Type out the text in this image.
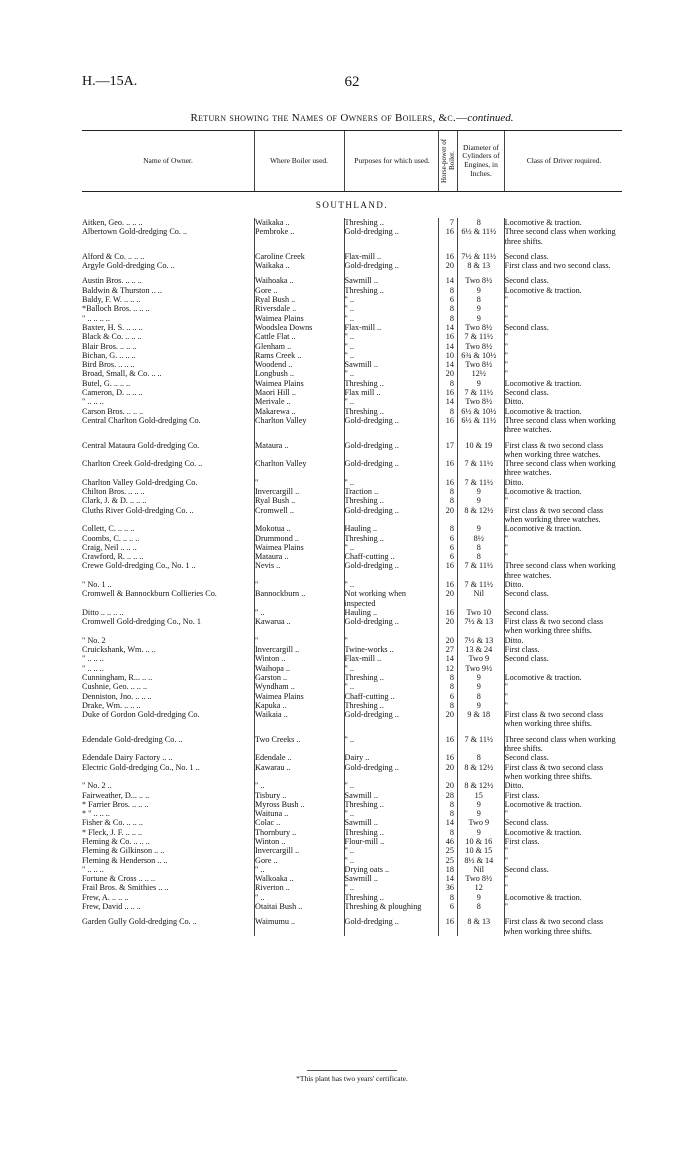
H.—15A.	62
Return showing the Names of Owners of Boilers, &c.—continued.
Name of Owner.	Where Boiler used.	Purposes for which used.	Horse-power of Boiler.
Diameter of Cylinders of Engines, in Inches.
Class of Driver required.
SOUTHLAND.
Aitken, Geo. .. .. ..	Waikaka ..	Threshing ..	7	8	Locomotive & traction.
Albertown Gold-dredging Co. ..	Pembroke ..	Gold-dredging ..	16 6½ & 11½	Three second class when working three shifts.
Alford & Co. .. .. ..	Caroline Creek	Flax-mill ..	16 7½ & 11½	Second class.
Argyle Gold-dredging Co. ..	Waikaka ..	Gold-dredging ..	20	8 & 13	First class and two second class.
Austin Bros. .. .. ..	Waihoaka ..	Sawmill ..	14	Two 8½	Second class.
Baldwin & Thurston .. ..	Gore ..	Threshing ..	8	9	Locomotive & traction.
Baldy, F. W. .. .. ..	Ryal Bush ..	" ..	6	8	"
*Balloch Bros. .. .. ..	Riversdale ..	" ..	8	9	"
" .. .. .. ..	Waimea Plains	" ..	8	9	"
Baxter, H. S. .. .. ..	Woodslea Downs	Flax-mill ..	14	Two 8½	Second class.
Black & Co. .. .. ..	Cattle Flat ..	" ..	16	7 & 11½	"
Blair Bros. .. .. ..	Glenham ..	" ..	14	Two 8½	"
Bichan, G. .. .. ..	Rams Creek ..	" ..	10 6¾ & 10½	"
Bird Bros. .. .. ..	Woodend ..	Sawmill ..	14	Two 8½	"
Broad, Small, & Co. .. ..	Longbush ..	" ..	20	12½	"
Butel, G. .. .. ..	Waimea Plains	Threshing ..	8	9	Locomotive & traction.
Cameron, D. .. .. ..	Maori Hill ..	Flax mill ..	16	7 & 11½	Second class.
" .. .. ..	Merivale ..	" ..	14	Two 8½	Ditto.
Carson Bros. .. .. ..	Makarewa ..	Threshing ..	8 6½ & 10½	Locomotive & traction.
Central Charlton Gold-dredging Co.	Charlton Valley	Gold-dredging ..	16 6½ & 11½	Three second class when working three watches.
Central Mataura Gold-dredging Co.	Mataura ..	Gold-dredging ..	17	10 & 19	First class & two second class when working three watches.
Charlton Creek Gold-dredging Co. ..	Charlton Valley	Gold-dredging ..	16	7 & 11½	Three second class when working three watches.
Charlton Valley Gold-dredging Co.	"	" ..	16	7 & 11½	Ditto.
Chilton Bros. .. .. ..	Invercargill ..	Traction ..	8	9	Locomotive & traction.
Clark, J. & D. .. .. ..	Ryal Bush ..	Threshing ..	8	9	"
Cluths River Gold-dredging Co. ..	Cromwell ..	Gold-dredging ..	20	8 & 12½	First class & two second class when working three watches.
Collett, C. .. .. ..	Mokotua ..	Hauling ..	8	9	Locomotive & traction.
Coombs, C. .. .. ..	Drummond ..	Threshing ..	6	8½	"
Craig, Neil .. .. ..	Waimea Plains	" ..	6	8	"
Crawford, R. .. .. ..	Mataura ..	Chaff-cutting ..	6	8	"
Crewe Gold-dredging Co., No. 1 ..	Nevis ..	Gold-dredging ..	16	7 & 11½	Three second class when working three watches.
" No. 1 ..	"	" ..	16	7 & 11½	Ditto.
Cromwell & Bannockburn Collieries Co.	Bannockburn ..	Not working when inspected
20	Nil	Second class.
Ditto .. .. .. ..	" ..	Hauling ..	16	Two 10	Second class.
Cromwell Gold-dredging Co., No. 1	Kawarua ..	Gold-dredging ..	20	7½ & 13	First class & two second class when working three shifts.
" No. 2	"	"	20	7½ & 13	Ditto.
Cruickshank, Wm. .. ..	Invercargill ..	Twine-works ..	27	13 & 24	First class.
" .. .. ..	Winton ..	Flax-mill ..	14	Two 9	Second class.
" .. .. ..	Waihopa ..	" ..	12	Two 9½
Cunningham, R... .. ..	Garston ..	Threshing ..	8	9	Locomotive & traction.
Cushnie, Geo. .. .. ..	Wyndham ..	" ..	8	9	"
Denniston, Jno. .. .. ..	Waimea Plains	Chaff-cutting ..	6	8	"
Drake, Wm. .. .. ..	Kapuka ..	Threshing ..	8	9	"
Duke of Gordon Gold-dredging Co.	Waikaia ..	Gold-dredging ..	20	9 & 18	First class & two second class when working three shifts.
Edendale Gold-dredging Co. ..	Two Creeks ..	" ..	16	7 & 11½	Three second class when working three shifts.
Edendale Dairy Factory .. ..	Edendale ..	Dairy ..	16	8	Second class.
Electric Gold-dredging Co., No. 1 ..	Kawarau ..	Gold-dredging ..	20	8 & 12½	First class & two second class when working three shifts.
" No. 2 ..	" ..	" ..	20	8 & 12½	Ditto.
Fairweather, D... .. ..	Tisbury ..	Sawmill ..	28	15	First class.
* Farrier Bros. .. .. ..	Myross Bush ..	Threshing ..	8	9	Locomotive & traction.
* " .. .. ..	Waituna ..	" ..	8	9	"
Fisher & Co. .. .. ..	Colac ..	Sawmill ..	14	Two 9	Second class.
* Fleck, J. F. .. .. ..	Thornbury ..	Threshing ..	8	9	Locomotive & traction.
Fleming & Co. .. .. ..	Winton ..	Flour-mill ..	46	10 & 16	First class.
Fleming & Gilkinson .. ..	Invercargill ..	" ..	25	10 & 15	"
Fleming & Henderson .. ..	Gore ..	" ..	25	8½ & 14	"
" .. .. ..	" ..	Drying oats ..	18	Nil	Second class.
Fortune & Cross .. .. ..	Walkoaka ..	Sawmill ..	14	Two 8½	"
Frail Bros. & Smithies .. ..	Riverton ..	" ..	36	12	"
Frew, A. .. .. ..	" ..	Threshing ..	8	9	Locomotive & traction.
Frew, David .. .. ..	Otaitai Bush ..	Threshing & ploughing	6	8	"
Garden Gully Gold-dredging Co. ..	Waimumu ..	Gold-dredging ..	16	8 & 13	First class & two second class when working three shifts.
*This plant has two years' certificate.
